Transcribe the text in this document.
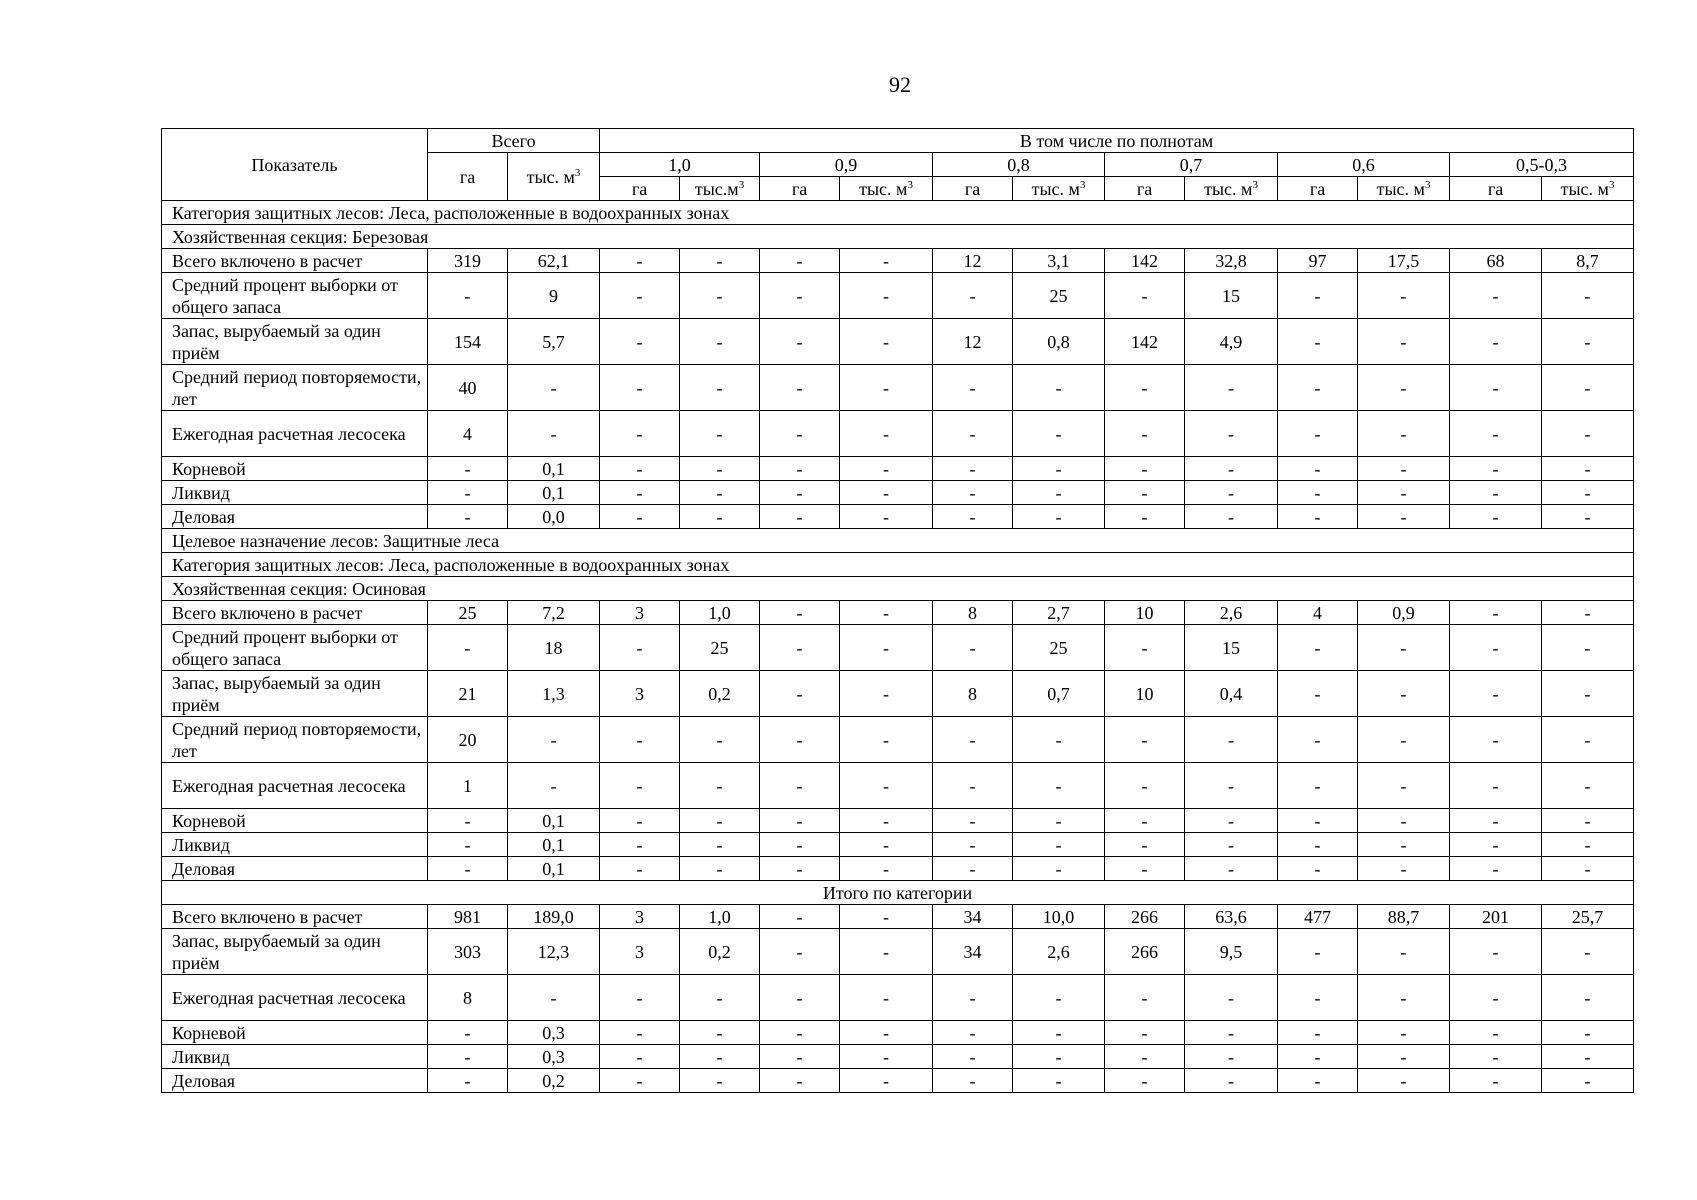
92
Показатель	Всего		В том числе по полнотам											
	га	тыс. $м^3$	1,0		0,9		0,8		0,7		0,6		0,5-0,3	
			га	$тыс.м^3$	га	тыс. $м^3$	га	тыс. $м^3$	га	тыс. $м^3$	га	тыс. $м^3$	га	тыс. $м^3$
Категория защитных лесов: Леса, расположенные в водоохранных зонах														
Хозяйственная секция: Березовая														
Всего включено в расчет	319	62,1	-	-	-	-	12	3,1	142	32,8	97	17,5	68	8,7
Средний процент выборки от общего запаса	-	9	-	-	-	-	-	25	-	15	-	-	-	-
Запас, вырубаемый за один приём	154	5,7	-	-	-	-	12	0,8	142	4,9	-	-	-	-
Средний период повторяемости, лет	40	-	-	-	-	-	-	-	-	-	-	-	-	-
Ежегодная расчетная лесосека	4	-	-	-	-	-	-	-	-	-	-	-	-	-
Корневой	-	0,1	-	-	-	-	-	-	-	-	-	-	-	-
Ликвид	-	0,1	-	-	-	-	-	-	-	-	-	-	-	-
Деловая	-	0,0	-	-	-	-	-	-	-	-	-	-	-	-
Целевое назначение лесов: Защитные леса														
Категория защитных лесов: Леса, расположенные в водоохранных зонах														
Хозяйственная секция: Осиновая														
Всего включено в расчет	25	7,2	3	1,0	-	-	8	2,7	10	2,6	4	0,9	-	-
Средний процент выборки от общего запаса	-	18	-	25	-	-	-	25	-	15	-	-	-	-
Запас, вырубаемый за один приём	21	1,3	3	0,2	-	-	8	0,7	10	0,4	-	-	-	-
Средний период повторяемости, лет	20	-	-	-	-	-	-	-	-	-	-	-	-	-
Ежегодная расчетная лесосека	1	-	-	-	-	-	-	-	-	-	-	-	-	-
Корневой	-	0,1	-	-	-	-	-	-	-	-	-	-	-	-
Ликвид	-	0,1	-	-	-	-	-	-	-	-	-	-	-	-
Деловая	-	0,1	-	-	-	-	-	-	-	-	-	-	-	-
Итого по категории														
Всего включено в расчет	981	189,0	3	1,0	-	-	34	10,0	266	63,6	477	88,7	201	25,7
Запас, вырубаемый за один приём	303	12,3	3	0,2	-	-	34	2,6	266	9,5	-	-	-	-
Ежегодная расчетная лесосека	8	-	-	-	-	-	-	-	-	-	-	-	-	-
Корневой	-	0,3	-	-	-	-	-	-	-	-	-	-	-	-
Ликвид	-	0,3	-	-	-	-	-	-	-	-	-	-	-	-
Деловая	-	0,2	-	-	-	-	-	-	-	-	-	-	-	-
